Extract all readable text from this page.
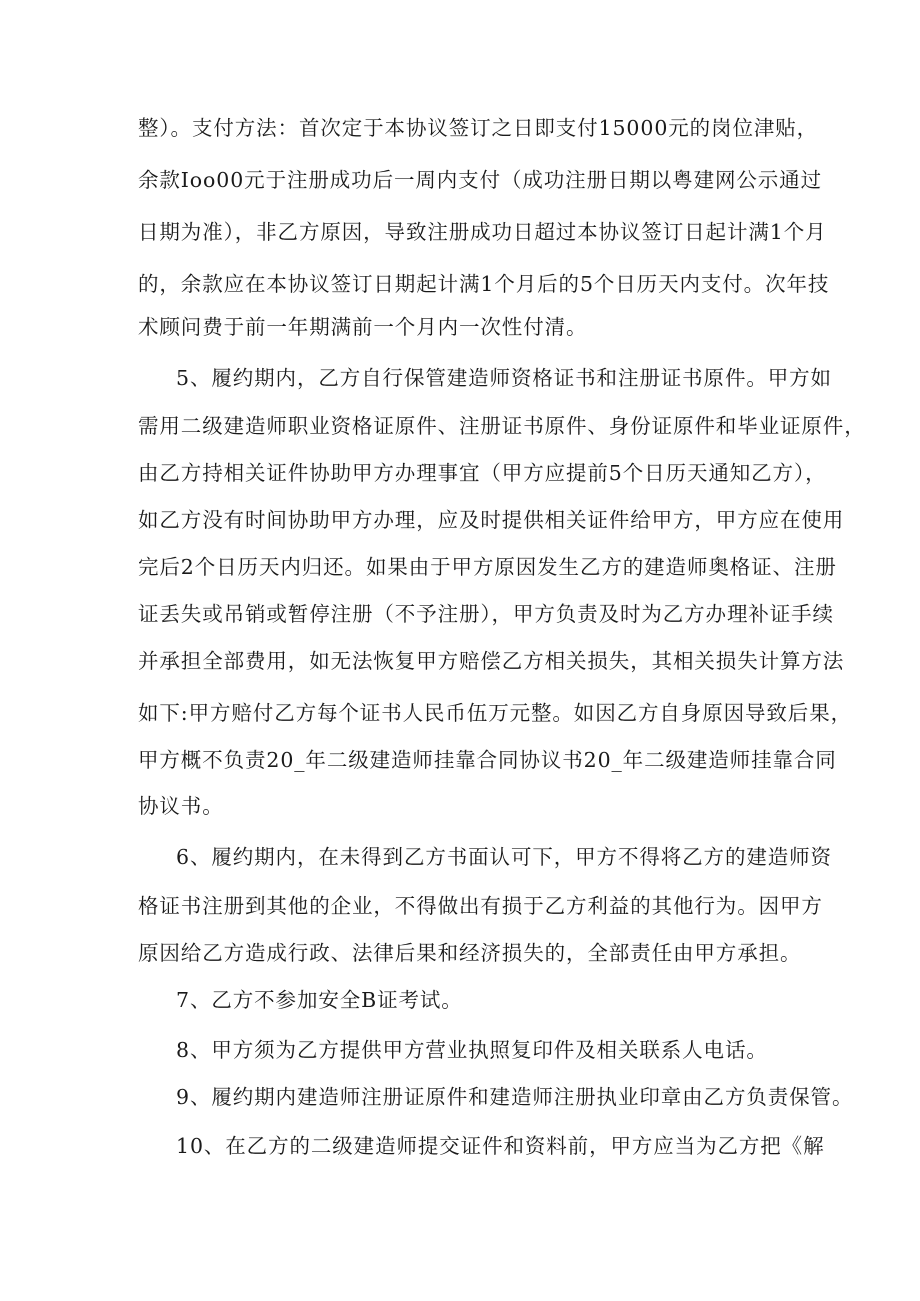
整）。支付方法：首次定于本协议签订之日即支付15000元的岗位津贴，
余款Ioo00元于注册成功后一周内支付（成功注册日期以粤建网公示通过
日期为准），非乙方原因，导致注册成功日超过本协议签订日起计满1个月
的，余款应在本协议签订日期起计满1个月后的5个日历天内支付。次年技
术顾问费于前一年期满前一个月内一次性付清。
5、履约期内，乙方自行保管建造师资格证书和注册证书原件。甲方如
需用二级建造师职业资格证原件、注册证书原件、身份证原件和毕业证原件，
由乙方持相关证件协助甲方办理事宜（甲方应提前5个日历天通知乙方），
如乙方没有时间协助甲方办理，应及时提供相关证件给甲方，甲方应在使用
完后2个日历天内归还。如果由于甲方原因发生乙方的建造师奥格证、注册
证丢失或吊销或暂停注册（不予注册），甲方负责及时为乙方办理补证手续
并承担全部费用，如无法恢复甲方赔偿乙方相关损失，其相关损失计算方法
如下:甲方赔付乙方每个证书人民币伍万元整。如因乙方自身原因导致后果，
甲方概不负责20_年二级建造师挂靠合同协议书20_年二级建造师挂靠合同
协议书。
6、履约期内，在未得到乙方书面认可下，甲方不得将乙方的建造师资
格证书注册到其他的企业，不得做出有损于乙方利益的其他行为。因甲方
原因给乙方造成行政、法律后果和经济损失的，全部责任由甲方承担。
7、乙方不参加安全B证考试。
8、甲方须为乙方提供甲方营业执照复印件及相关联系人电话。
9、履约期内建造师注册证原件和建造师注册执业印章由乙方负责保管。
10、在乙方的二级建造师提交证件和资料前，甲方应当为乙方把《解
